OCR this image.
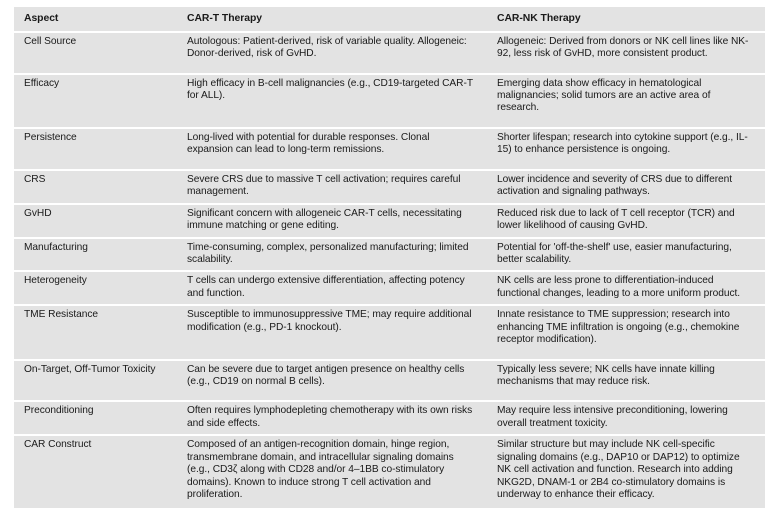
Aspect	CAR-T Therapy	CAR-NK Therapy
Cell Source	Autologous: Patient-derived, risk of variable quality. Allogeneic: Donor-derived, risk of GvHD.	Allogeneic: Derived from donors or NK cell lines like NK-92, less risk of GvHD, more consistent product.
Efficacy	High efficacy in B-cell malignancies (e.g., CD19-targeted CAR-T for ALL).	Emerging data show efficacy in hematological malignancies; solid tumors are an active area of research.
Persistence	Long-lived with potential for durable responses. Clonal expansion can lead to long-term remissions.	Shorter lifespan; research into cytokine support (e.g., IL-15) to enhance persistence is ongoing.
CRS	Severe CRS due to massive T cell activation; requires careful management.	Lower incidence and severity of CRS due to different activation and signaling pathways.
GvHD	Significant concern with allogeneic CAR-T cells, necessitating immune matching or gene editing.	Reduced risk due to lack of T cell receptor (TCR) and lower likelihood of causing GvHD.
Manufacturing	Time-consuming, complex, personalized manufacturing; limited scalability.	Potential for 'off-the-shelf' use, easier manufacturing, better scalability.
Heterogeneity	T cells can undergo extensive differentiation, affecting potency and function.	NK cells are less prone to differentiation-induced functional changes, leading to a more uniform product.
TME Resistance	Susceptible to immunosuppressive TME; may require additional modification (e.g., PD-1 knockout).	Innate resistance to TME suppression; research into enhancing TME infiltration is ongoing (e.g., chemokine receptor modification).
On-Target, Off-Tumor Toxicity	Can be severe due to target antigen presence on healthy cells (e.g., CD19 on normal B cells).	Typically less severe; NK cells have innate killing mechanisms that may reduce risk.
Preconditioning	Often requires lymphodepleting chemotherapy with its own risks and side effects.	May require less intensive preconditioning, lowering overall treatment toxicity.
CAR Construct	Composed of an antigen-recognition domain, hinge region, transmembrane domain, and intracellular signaling domains (e.g., CD3ζ along with CD28 and/or 4–1BB co-stimulatory domains). Known to induce strong T cell activation and proliferation.	Similar structure but may include NK cell-specific signaling domains (e.g., DAP10 or DAP12) to optimize NK cell activation and function. Research into adding NKG2D, DNAM-1 or 2B4 co-stimulatory domains is underway to enhance their efficacy.
